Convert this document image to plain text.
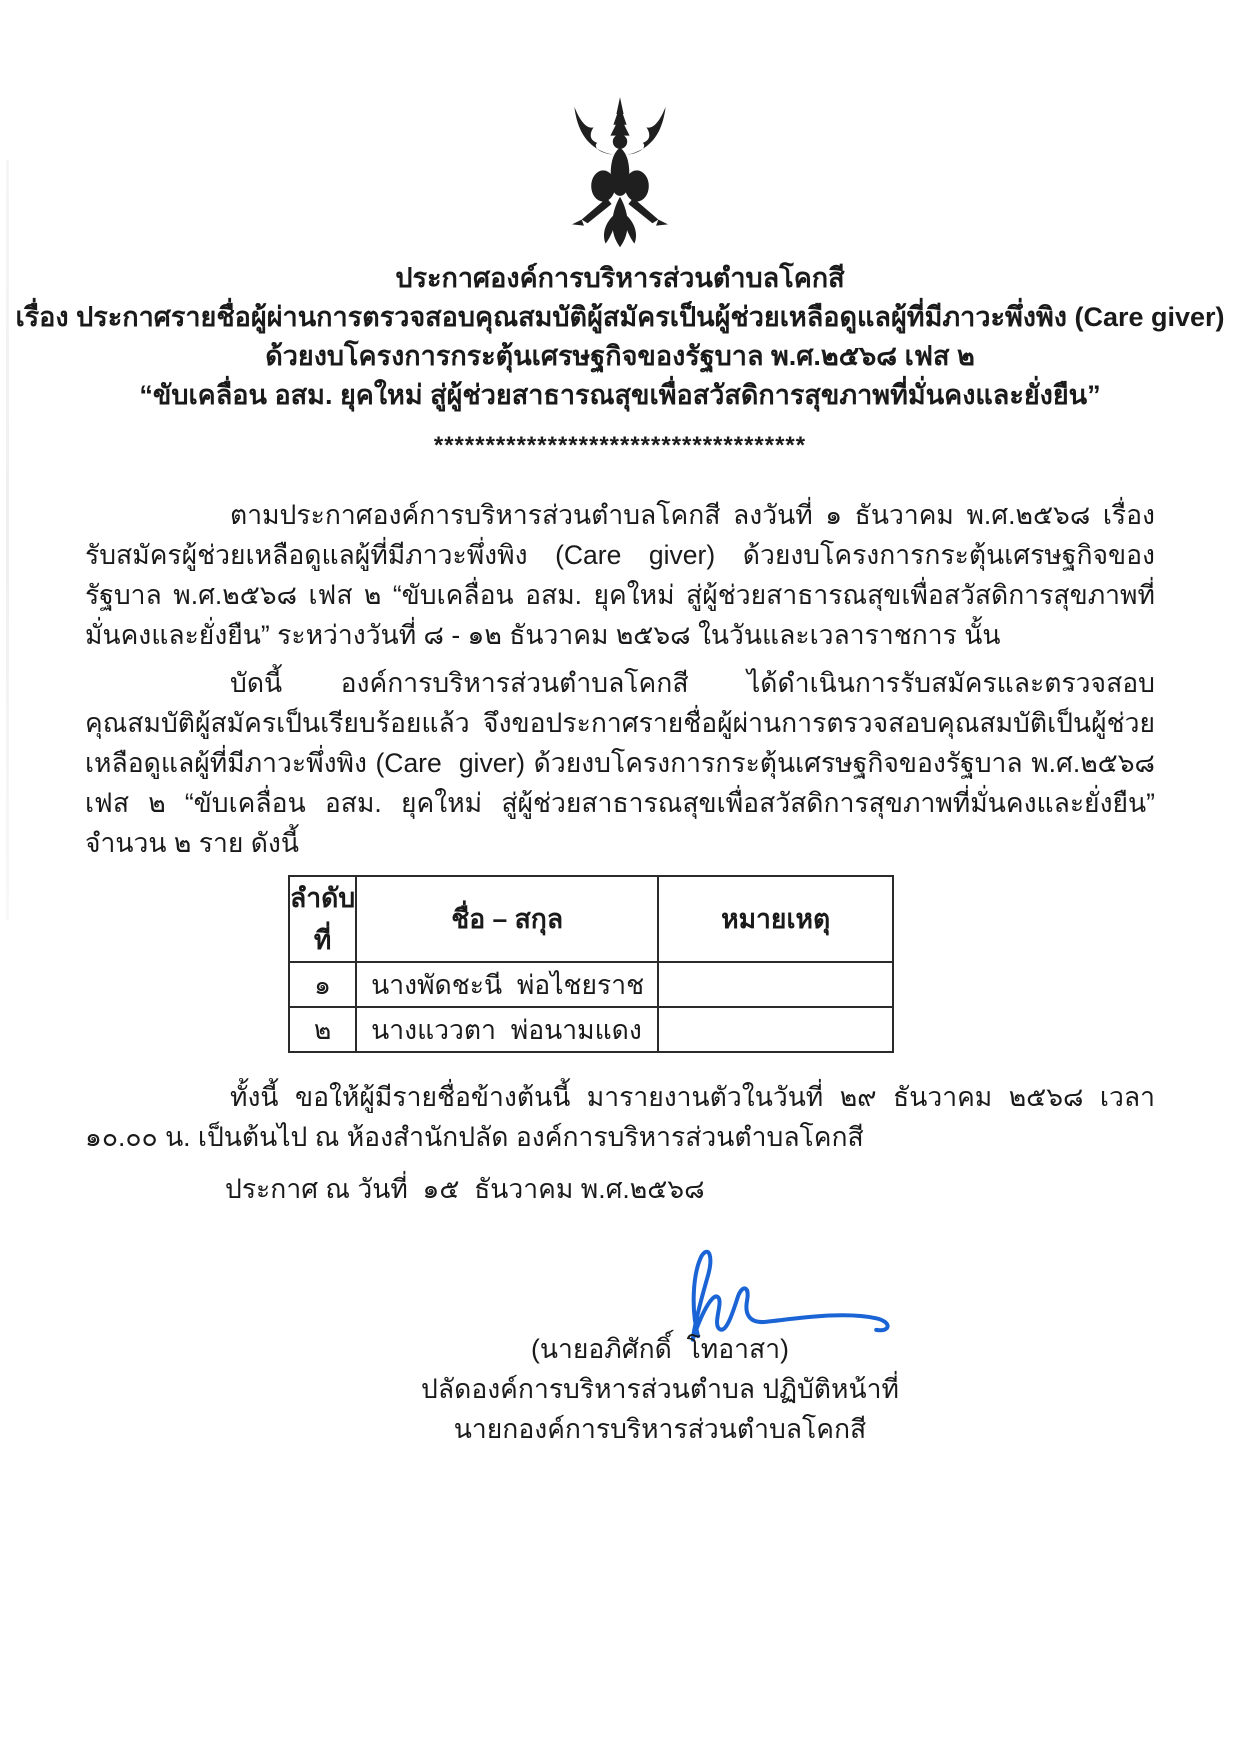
ประกาศองค์การบริหารส่วนตำบลโคกสี
เรื่อง ประกาศรายชื่อผู้ผ่านการตรวจสอบคุณสมบัติผู้สมัครเป็นผู้ช่วยเหลือดูแลผู้ที่มีภาวะพึ่งพิง (Care giver)
ด้วยงบโครงการกระตุ้นเศรษฐกิจของรัฐบาล พ.ศ.๒๕๖๘ เฟส ๒
“ขับเคลื่อน อสม. ยุคใหม่ สู่ผู้ช่วยสาธารณสุขเพื่อสวัสดิการสุขภาพที่มั่นคงและยั่งยืน”
************************************

ตามประกาศองค์การบริหารส่วนตำบลโคกสี ลงวันที่ ๑ ธันวาคม พ.ศ.๒๕๖๘ เรื่อง รับสมัครผู้ช่วยเหลือดูแลผู้ที่มีภาวะพึ่งพิง (Care giver) ด้วยงบโครงการกระตุ้นเศรษฐกิจของรัฐบาล พ.ศ.๒๕๖๘ เฟส ๒ “ขับเคลื่อน อสม. ยุคใหม่ สู่ผู้ช่วยสาธารณสุขเพื่อสวัสดิการสุขภาพที่มั่นคงและยั่งยืน” ระหว่างวันที่ ๘ - ๑๒ ธันวาคม ๒๕๖๘ ในวันและเวลาราชการ นั้น

บัดนี้ องค์การบริหารส่วนตำบลโคกสี ได้ดำเนินการรับสมัครและตรวจสอบคุณสมบัติผู้สมัครเป็นเรียบร้อยแล้ว จึงขอประกาศรายชื่อผู้ผ่านการตรวจสอบคุณสมบัติเป็นผู้ช่วยเหลือดูแลผู้ที่มีภาวะพึ่งพิง (Care  giver) ด้วยงบโครงการกระตุ้นเศรษฐกิจของรัฐบาล พ.ศ.๒๕๖๘ เฟส ๒ “ขับเคลื่อน อสม. ยุคใหม่ สู่ผู้ช่วยสาธารณสุขเพื่อสวัสดิการสุขภาพที่มั่นคงและยั่งยืน” จำนวน ๒ ราย ดังนี้

ลำดับที่	ชื่อ – สกุล	หมายเหตุ
๑	นางพัดชะนี  พ่อไชยราช	
๒	นางแววตา  พ่อนามแดง	

ทั้งนี้ ขอให้ผู้มีรายชื่อข้างต้นนี้ มารายงานตัวในวันที่ ๒๙ ธันวาคม ๒๕๖๘ เวลา ๑๐.๐๐ น. เป็นต้นไป ณ ห้องสำนักปลัด องค์การบริหารส่วนตำบลโคกสี

ประกาศ ณ วันที่  ๑๕  ธันวาคม พ.ศ.๒๕๖๘

(นายอภิศักดิ์  โทอาสา)
ปลัดองค์การบริหารส่วนตำบล ปฏิบัติหน้าที่
นายกองค์การบริหารส่วนตำบลโคกสี
